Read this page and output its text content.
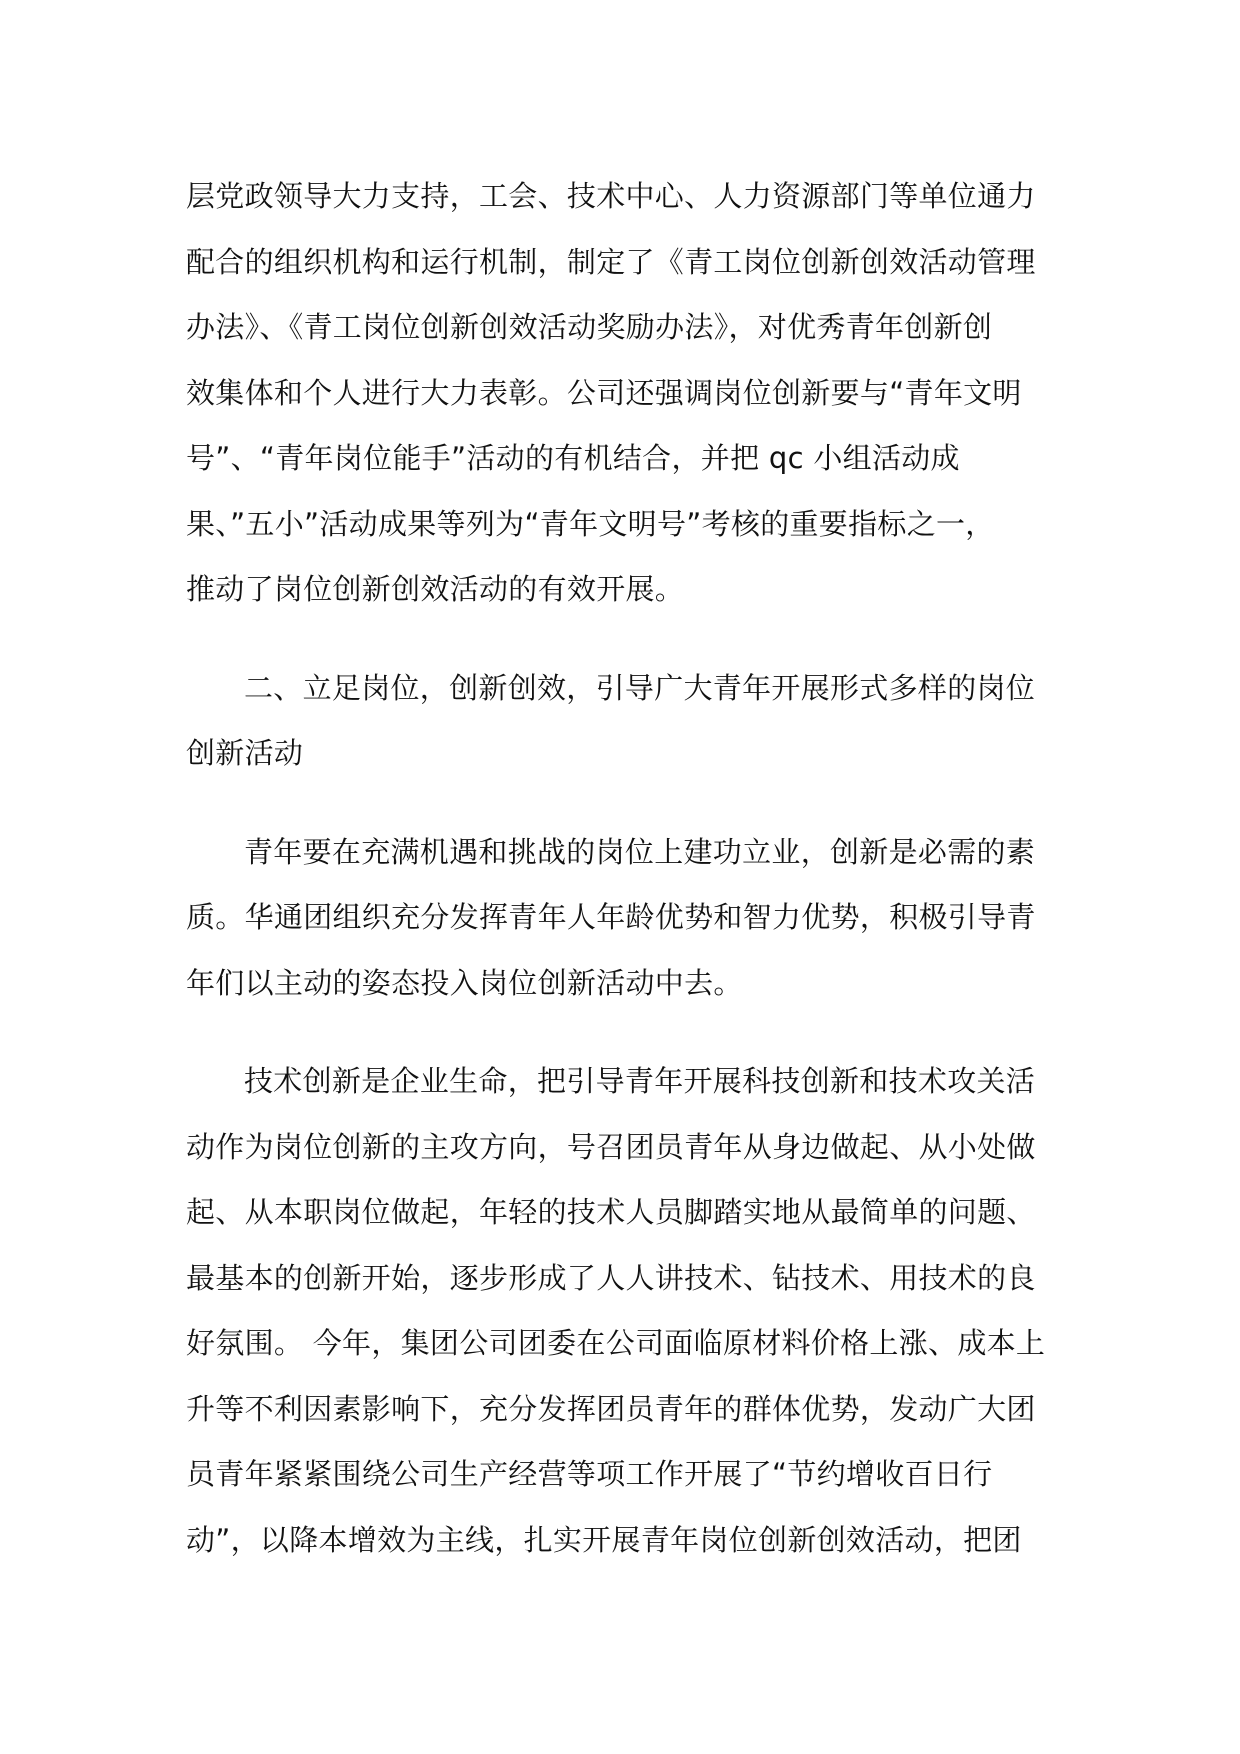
层党政领导大力支持，工会、技术中心、人力资源部门等单位通力
配合的组织机构和运行机制，制定了《青工岗位创新创效活动管理
办法》、《青工岗位创新创效活动奖励办法》，对优秀青年创新创
效集体和个人进行大力表彰。公司还强调岗位创新要与“青年文明
号”、“青年岗位能手”活动的有机结合，并把 qc 小组活动成
果、”五小”活动成果等列为“青年文明号”考核的重要指标之一，
推动了岗位创新创效活动的有效开展。

二、立足岗位，创新创效，引导广大青年开展形式多样的岗位
创新活动

青年要在充满机遇和挑战的岗位上建功立业，创新是必需的素
质。华通团组织充分发挥青年人年龄优势和智力优势，积极引导青
年们以主动的姿态投入岗位创新活动中去。

技术创新是企业生命，把引导青年开展科技创新和技术攻关活
动作为岗位创新的主攻方向，号召团员青年从身边做起、从小处做
起、从本职岗位做起，年轻的技术人员脚踏实地从最简单的问题、
最基本的创新开始，逐步形成了人人讲技术、钻技术、用技术的良
好氛围。 今年，集团公司团委在公司面临原材料价格上涨、成本上
升等不利因素影响下，充分发挥团员青年的群体优势，发动广大团
员青年紧紧围绕公司生产经营等项工作开展了“节约增收百日行
动”，以降本增效为主线，扎实开展青年岗位创新创效活动，把团
